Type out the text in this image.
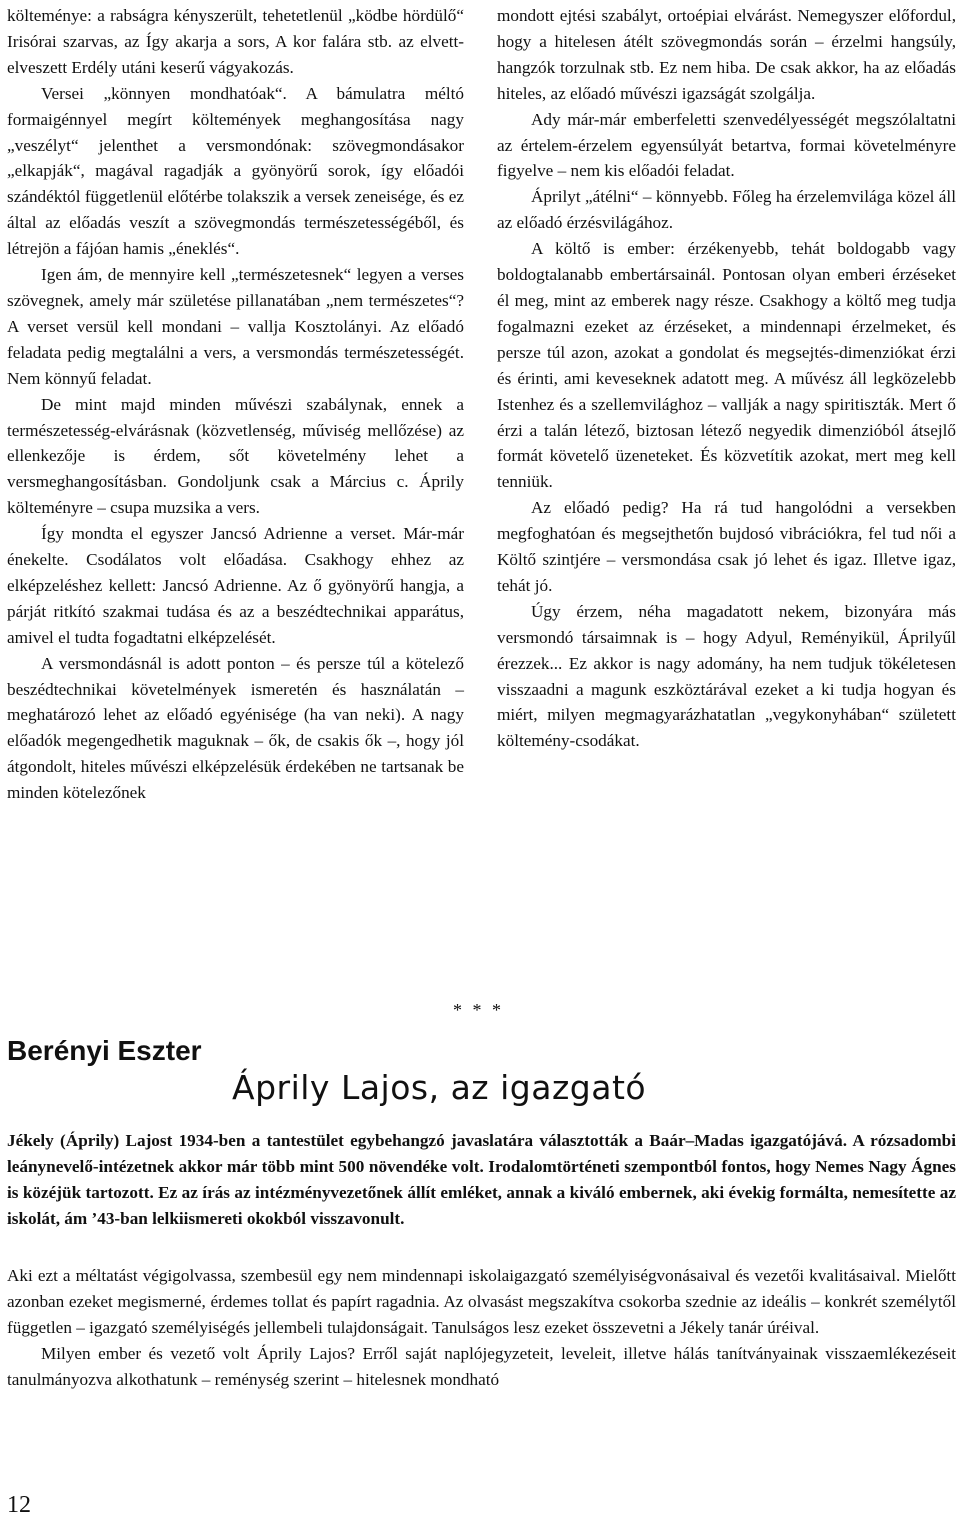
költeménye: a rabságra kényszerült, tehetetlenül „ködbe hördülő“ Irisórai szarvas, az Így akarja a sors, A kor falára stb. az elvett-elveszett Erdély utáni keserű vágyakozás.

Versei „könnyen mondhatóak“. A bámulatra méltó formaigénnyel megírt költemények meghangosítása nagy „veszélyt“ jelenthet a versmondónak: szövegmondásakor „elkapják“, magával ragadják a gyönyörű sorok, így előadói szándéktól függetlenül előtérbe tolakszik a versek zeneisége, és ez által az előadás veszít a szövegmondás természetességéből, és létrejön a fájóan hamis „éneklés“.

Igen ám, de mennyire kell „természetesnek“ legyen a verses szövegnek, amely már születése pillanatában „nem természetes“? A verset versül kell mondani – vallja Kosztolányi. Az előadó feladata pedig megtalálni a vers, a versmondás természetességét. Nem könnyű feladat.

De mint majd minden művészi szabálynak, ennek a természetesség-elvárásnak (közvetlenség, műviség mellőzése) az ellenkezője is érdem, sőt követelmény lehet a versmeghangosításban. Gondoljunk csak a Március c. Áprily költeményre – csupa muzsika a vers.

Így mondta el egyszer Jancsó Adrienne a verset. Már-már énekelte. Csodálatos volt előadása. Csakhogy ehhez az elképzeléshez kellett: Jancsó Adrienne. Az ő gyönyörű hangja, a párját ritkító szakmai tudása és az a beszédtechnikai apparátus, amivel el tudta fogadtatni elképzelését.

A versmondásnál is adott ponton – és persze túl a kötelező beszédtechnikai követelmények ismeretén és használatán – meghatározó lehet az előadó egyénisége (ha van neki). A nagy előadók megengedhetik maguknak – ők, de csakis ők –, hogy jól átgondolt, hiteles művészi elképzelésük érdekében ne tartsanak be minden kötelezőnek

mondott ejtési szabályt, ortoépiai elvárást. Nemegyszer előfordul, hogy a hitelesen átélt szövegmondás során – érzelmi hangsúly, hangzók torzulnak stb. Ez nem hiba. De csak akkor, ha az előadás hiteles, az előadó művészi igazságát szolgálja.

Ady már-már emberfeletti szenvedélyességét megszólaltatni az értelem-érzelem egyensúlyát betartva, formai követelményre figyelve – nem kis előadói feladat.

Áprilyt „átélni“ – könnyebb. Főleg ha érzelemvilága közel áll az előadó érzésvilágához.

A költő is ember: érzékenyebb, tehát boldogabb vagy boldogtalanabb embertársainál. Pontosan olyan emberi érzéseket él meg, mint az emberek nagy része. Csakhogy a költő meg tudja fogalmazni ezeket az érzéseket, a mindennapi érzelmeket, és persze túl azon, azokat a gondolat és megsejtés-dimenziókat érzi és érinti, ami keveseknek adatott meg. A művész áll legközelebb Istenhez és a szellemvilághoz – vallják a nagy spiritiszták. Mert ő érzi a talán létező, biztosan létező negyedik dimenzióból átsejlő formát követelő üzeneteket. És közvetítik azokat, mert meg kell tenniük.

Az előadó pedig? Ha rá tud hangolódni a versekben megfoghatóan és megsejthetőn bujdosó vibrációkra, fel tud női a Költő szintjére – versmondása csak jó lehet és igaz. Illetve igaz, tehát jó.

Úgy érzem, néha magadatott nekem, bizonyára más versmondó társaimnak is – hogy Adyul, Reményikül, Áprilyűl érezzek... Ez akkor is nagy adomány, ha nem tudjuk tökéletesen visszaadni a magunk eszköztárával ezeket a ki tudja hogyan és miért, milyen megmagyarázhatatlan „vegykonyhában“ született költemény-csodákat.

* * *
Berényi Eszter
Áprily Lajos, az igazgató

Jékely (Áprily) Lajost 1934-ben a tantestület egybehangzó javaslatára választották a Baár–Madas igazgatójává. A rózsadombi leánynevelő-intézetnek akkor már több mint 500 növendéke volt. Irodalomtörténeti szempontból fontos, hogy Nemes Nagy Ágnes is közéjük tartozott. Ez az írás az intézményvezetőnek állít emléket, annak a kiváló embernek, aki évekig formálta, nemesítette az iskolát, ám ’43-ban lelkiismereti okokból visszavonult.

Aki ezt a méltatást végigolvassa, szembesül egy nem mindennapi iskolaigazgató személyiségvonásaival és vezetői kvalitásaival. Mielőtt azonban ezeket megismerné, érdemes tollat és papírt ragadnia. Az olvasást megszakítva csokorba szednie az ideális – konkrét személytől független – igazgató személyiségés jellembeli tulajdonságait. Tanulságos lesz ezeket összevetni a Jékely tanár úréival.

Milyen ember és vezető volt Áprily Lajos? Erről saját naplójegyzeteit, leveleit, illetve hálás tanítványainak visszaemlékezéseit tanulmányozva alkothatunk – reménység szerint – hitelesnek mondható

12
